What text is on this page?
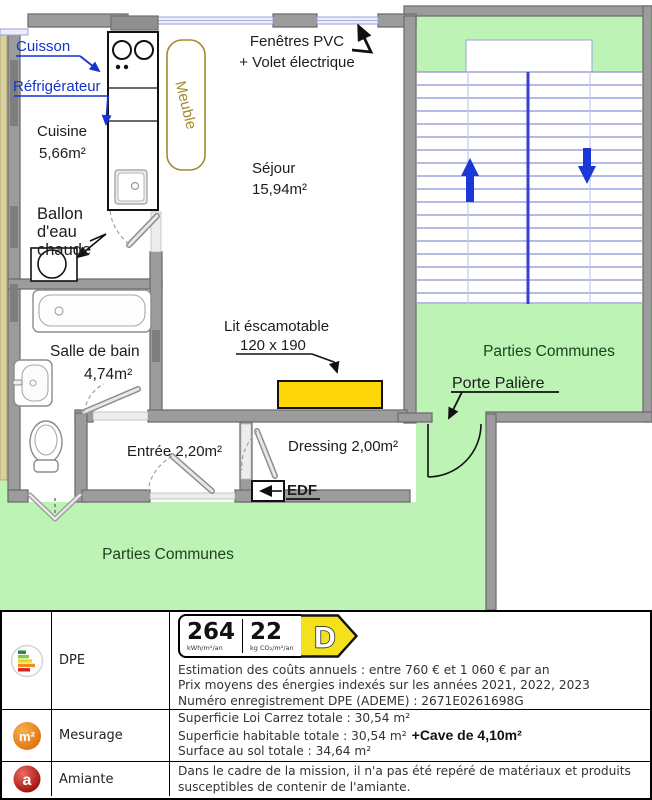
Cuisson
Réfrigérateur
Cuisine
5,66m²
Meuble
Fenêtres PVC
+ Volet électrique
Séjour
15,94m²
Ballon
d'eau
chaude
Salle de bain
4,74m²
Lit éscamotable
120 x 190	Parties Communes
Porte Palière
Entrée 2,20m²	Dressing 2,00m²
EDF
Parties Communes
DPE
264
kWh/m²/an
22
kg CO₂/m²/an D
Estimation des coûts annuels : entre 760 € et 1 060 € par an
Prix moyens des énergies indexés sur les années 2021, 2022, 2023
Numéro enregistrement DPE (ADEME) : 2671E0261698G
m²	Mesurage
Superficie Loi Carrez totale : 30,54 m²
Superficie habitable totale : 30,54 m² +Cave de 4,10m²
Surface au sol totale : 34,64 m²
a	Amiante
Dans le cadre de la mission, il n'a pas été repéré de matériaux et produits susceptibles de contenir de l'amiante.
